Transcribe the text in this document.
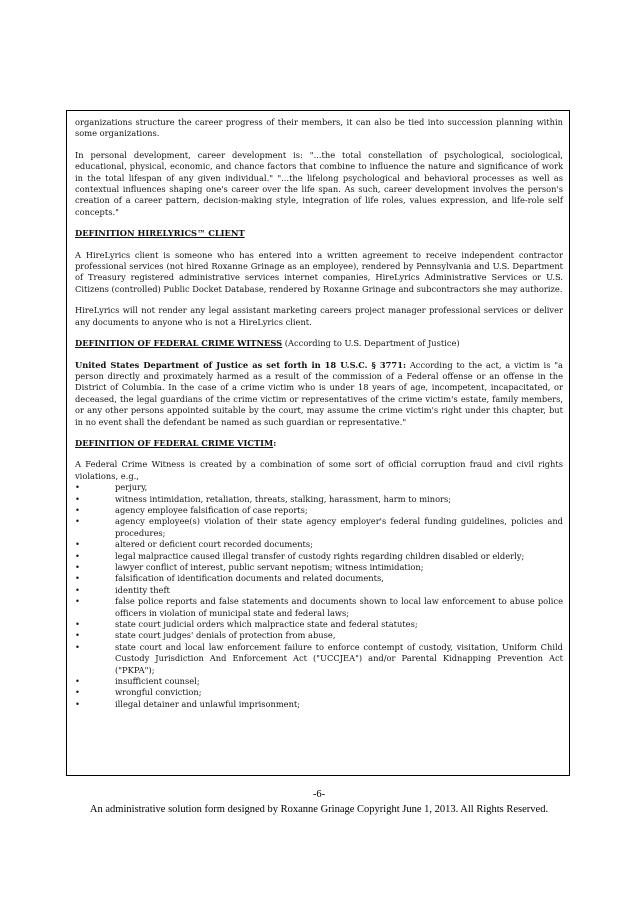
organizations structure the career progress of their members, it can also be tied into succession planning within some organizations.

In personal development, career development is: "...the total constellation of psychological, sociological, educational, physical, economic, and chance factors that combine to influence the nature and significance of work in the total lifespan of any given individual." "...the lifelong psychological and behavioral processes as well as contextual influences shaping one's career over the life span. As such, career development involves the person's creation of a career pattern, decision-making style, integration of life roles, values expression, and life-role self concepts."

DEFINITION HIRELYRICS™ CLIENT

A HireLyrics client is someone who has entered into a written agreement to receive independent contractor professional services (not hired Roxanne Grinage as an employee), rendered by Pennsylvania and U.S. Department of Treasury registered administrative services internet companies, HireLyrics Administrative Services or U.S. Citizens (controlled) Public Docket Database, rendered by Roxanne Grinage and subcontractors she may authorize.

HireLyrics will not render any legal assistant marketing careers project manager professional services or deliver any documents to anyone who is not a HireLyrics client.

DEFINITION OF FEDERAL CRIME WITNESS (According to U.S. Department of Justice)

United States Department of Justice as set forth in 18 U.S.C. § 3771: According to the act, a victim is "a person directly and proximately harmed as a result of the commission of a Federal offense or an offense in the District of Columbia. In the case of a crime victim who is under 18 years of age, incompetent, incapacitated, or deceased, the legal guardians of the crime victim or representatives of the crime victim's estate, family members, or any other persons appointed suitable by the court, may assume the crime victim's right under this chapter, but in no event shall the defendant be named as such guardian or representative."

DEFINITION OF FEDERAL CRIME VICTIM:

A Federal Crime Witness is created by a combination of some sort of official corruption fraud and civil rights violations, e.g.,

•	perjury,
•	witness intimidation, retaliation, threats, stalking, harassment, harm to minors;
•	agency employee falsification of case reports;
•	agency employee(s) violation of their state agency employer's federal funding guidelines, policies and procedures;
•	altered or deficient court recorded documents;
•	legal malpractice caused illegal transfer of custody rights regarding children disabled or elderly;
•	lawyer conflict of interest, public servant nepotism; witness intimidation;
•	falsification of identification documents and related documents,
•	identity theft
•	false police reports and false statements and documents shown to local law enforcement to abuse police officers in violation of municipal state and federal laws;
•	state court judicial orders which malpractice state and federal statutes;
•	state court judges' denials of protection from abuse,
•	state court and local law enforcement failure to enforce contempt of custody, visitation, Uniform Child Custody Jurisdiction And Enforcement Act ("UCCJEA") and/or Parental Kidnapping Prevention Act ("PKPA");
•	insufficient counsel;
•	wrongful conviction;
•	illegal detainer and unlawful imprisonment;
-6-
An administrative solution form designed by Roxanne Grinage Copyright June 1, 2013. All Rights Reserved.
